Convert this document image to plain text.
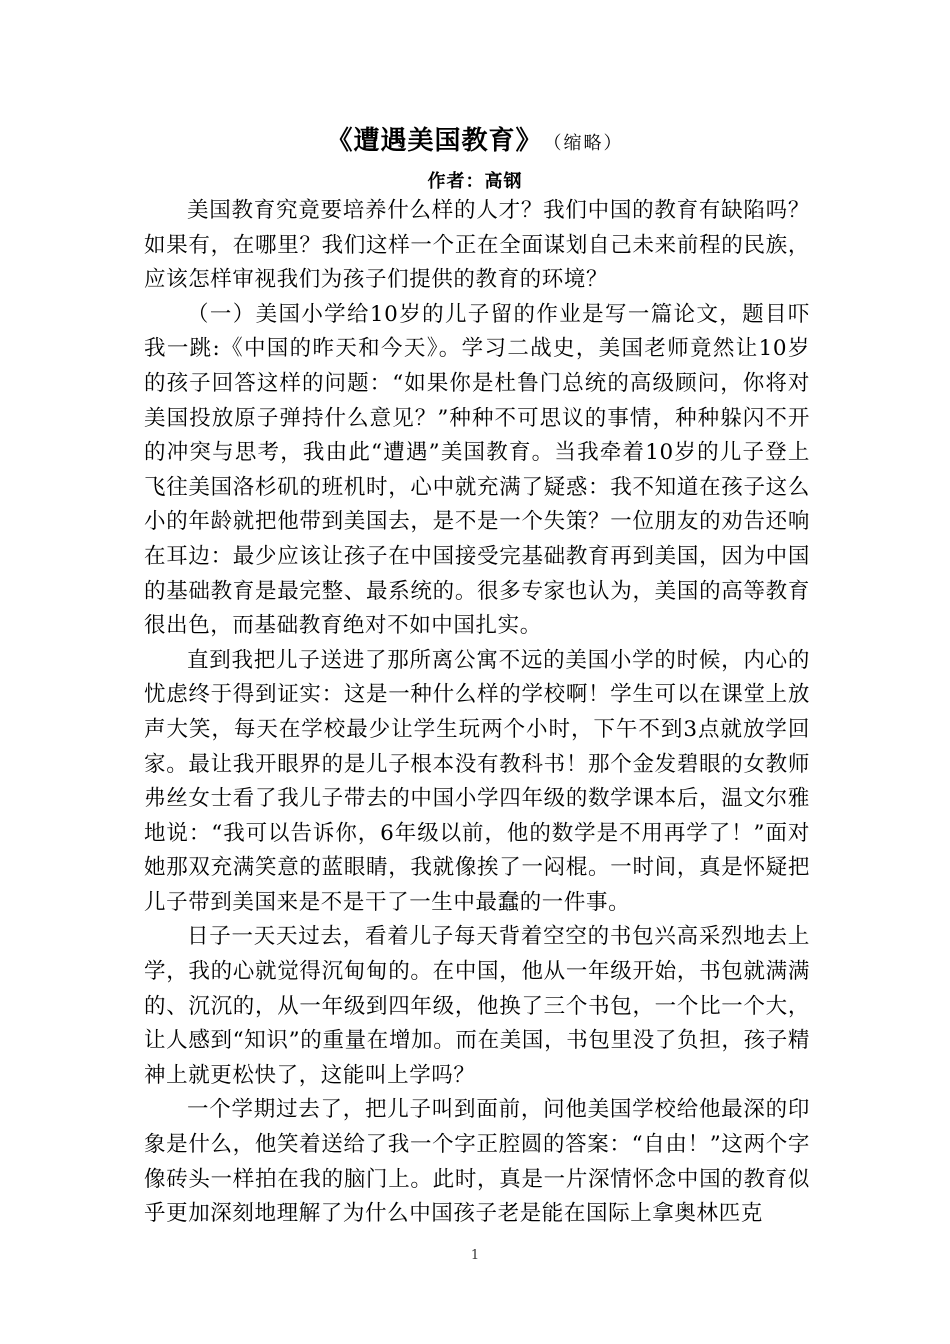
《遭遇美国教育》 （缩略）
作者：高钢

美国教育究竟要培养什么样的人才？我们中国的教育有缺陷吗？如果有，在哪里？我们这样一个正在全面谋划自己未来前程的民族，应该怎样审视我们为孩子们提供的教育的环境？

（一）美国小学给10岁的儿子留的作业是写一篇论文，题目吓我一跳:《中国的昨天和今天》。学习二战史，美国老师竟然让10岁的孩子回答这样的问题：“如果你是杜鲁门总统的高级顾问，你将对美国投放原子弹持什么意见？”种种不可思议的事情，种种躲闪不开的冲突与思考，我由此“遭遇”美国教育。当我牵着10岁的儿子登上飞往美国洛杉矶的班机时，心中就充满了疑惑：我不知道在孩子这么小的年龄就把他带到美国去，是不是一个失策？一位朋友的劝告还响在耳边：最少应该让孩子在中国接受完基础教育再到美国，因为中国的基础教育是最完整、最系统的。很多专家也认为，美国的高等教育很出色，而基础教育绝对不如中国扎实。

直到我把儿子送进了那所离公寓不远的美国小学的时候，内心的忧虑终于得到证实：这是一种什么样的学校啊！学生可以在课堂上放声大笑，每天在学校最少让学生玩两个小时，下午不到3点就放学回家。最让我开眼界的是儿子根本没有教科书！那个金发碧眼的女教师弗丝女士看了我儿子带去的中国小学四年级的数学课本后，温文尔雅地说：“我可以告诉你，6年级以前，他的数学是不用再学了！”面对她那双充满笑意的蓝眼睛，我就像挨了一闷棍。一时间，真是怀疑把儿子带到美国来是不是干了一生中最蠢的一件事。

日子一天天过去，看着儿子每天背着空空的书包兴高采烈地去上学，我的心就觉得沉甸甸的。在中国，他从一年级开始，书包就满满的、沉沉的，从一年级到四年级，他换了三个书包，一个比一个大，让人感到“知识”的重量在增加。而在美国，书包里没了负担，孩子精神上就更松快了，这能叫上学吗？

一个学期过去了，把儿子叫到面前，问他美国学校给他最深的印象是什么，他笑着送给了我一个字正腔圆的答案：“自由！”这两个字像砖头一样拍在我的脑门上。此时，真是一片深情怀念中国的教育似乎更加深刻地理解了为什么中国孩子老是能在国际上拿奥林匹克

1
